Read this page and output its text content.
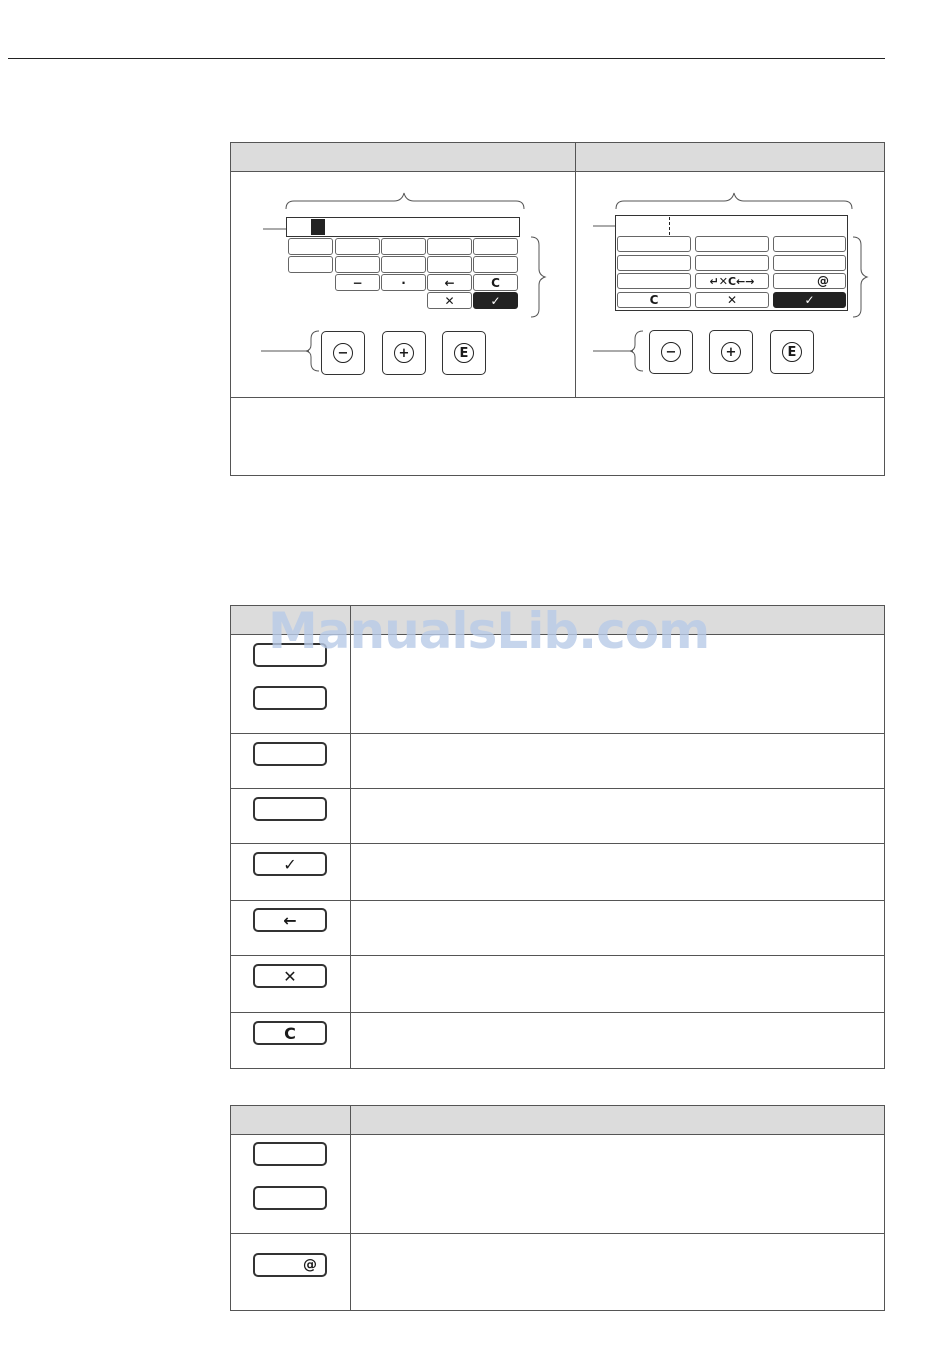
−	·	←	C
✕	✓
−	+	E
↵✕C←→	@
C	✕	✓
−	+	E
✓
←
✕
C
@
ManualsLib.com
